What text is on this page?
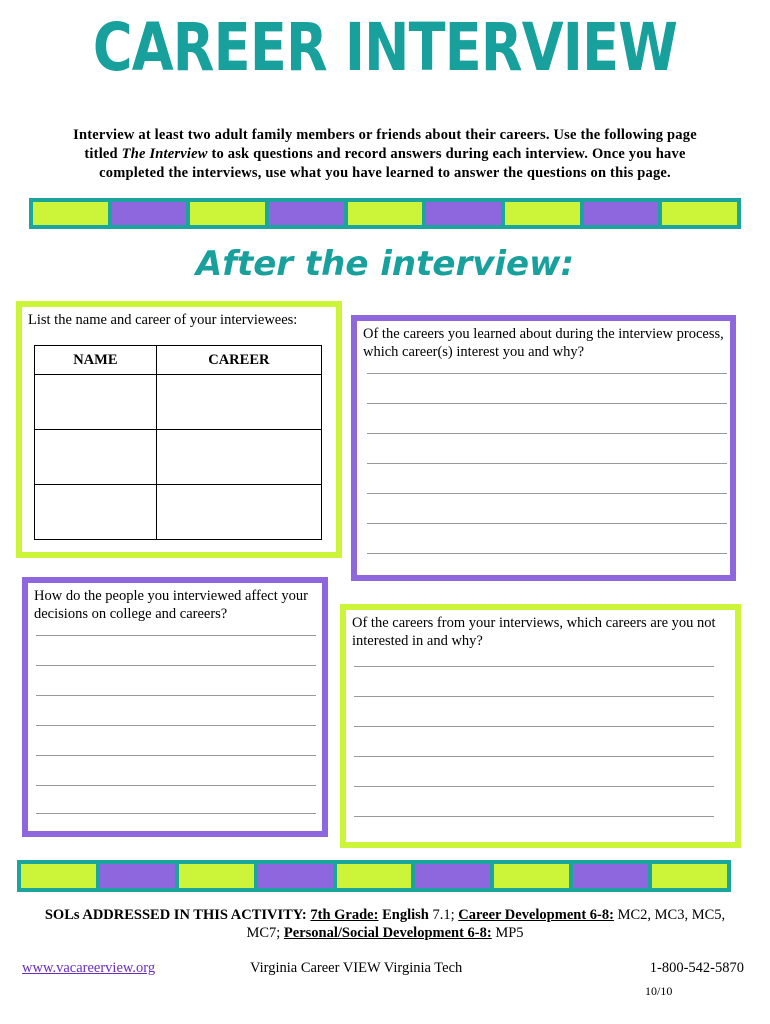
CAREER INTERVIEW
Interview at least two adult family members or friends about their careers. Use the following page
titled The Interview to ask questions and record answers during each interview. Once you have
completed the interviews, use what you have learned to answer the questions on this page.
After the interview:
List the name and career of your interviewees:
NAME	CAREER

Of the careers you learned about during the interview process, which career(s) interest you and why?
How do the people you interviewed affect your decisions on college and careers?
Of the careers from your interviews, which careers are you not interested in and why?
SOLs ADDRESSED IN THIS ACTIVITY: 7th Grade: English 7.1; Career Development 6-8: MC2, MC3, MC5,
MC7; Personal/Social Development 6-8: MP5
www.vacareerview.org	Virginia Career VIEW Virginia Tech	1-800-542-5870
10/10
